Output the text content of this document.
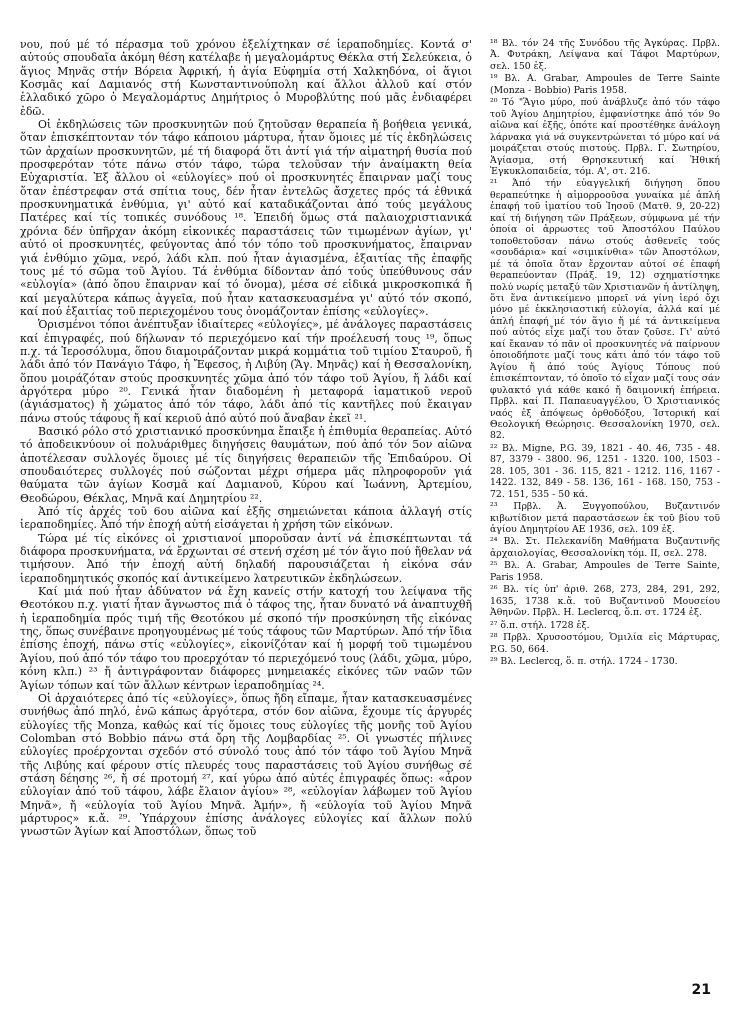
νου, πού μέ τό πέρασμα τοῦ χρόνου ἐξελίχτηκαν σέ ἱεραποδημίες. Κοντά σ' αὐτούς σπουδαῖα ἀκόμη θέση κατέλαβε ἡ μεγαλομάρτυς Θέκλα στή Σελεύκεια, ὁ ἅγιος Μηνᾶς στήν Βόρεια Ἀφρική, ἡ ἁγία Εὐφημία στή Χαλκηδόνα, οἱ ἅγιοι Κοσμᾶς καί Δαμιανός στή Κωνσταντινούπολη καί ἄλλοι ἀλλοῦ καί στόν ἑλλαδικό χῶρο ὁ Μεγαλομάρτυς Δημήτριος ὁ Μυροβλύτης πού μᾶς ἐνδιαφέρει ἐδῶ.

Οἱ ἐκδηλώσεις τῶν προσκυνητῶν πού ζητοῦσαν θεραπεία ἤ βοήθεια γενικά, ὅταν ἐπισκέπτονταν τόν τάφο κάποιου μάρτυρα, ἦταν ὅμοιες μέ τίς ἐκδηλώσεις τῶν ἀρχαίων προσκυνητῶν, μέ τή διαφορά ὅτι ἀντί γιά τήν αἱματηρή θυσία πού προσφερόταν τότε πάνω στόν τάφο, τώρα τελοῦσαν τήν ἀναίμακτη θεία Εὐχαριστία. Ἐξ ἄλλου οἱ «εὐλογίες» πού οἱ προσκυνητές ἔπαιρναν μαζί τους ὅταν ἐπέστρεφαν στά σπίτια τους, δέν ἦταν ἐντελῶς ἄσχετες πρός τά ἐθνικά προσκυνηματικά ἐνθύμια, γι' αὐτό καί καταδικάζονται ἀπό τούς μεγάλους Πατέρες καί τίς τοπικές συνόδους ¹⁸. Ἐπειδή ὅμως στά παλαιοχριστιανικά χρόνια δέν ὑπῆρχαν ἀκόμη εἰκονικές παραστάσεις τῶν τιμωμένων ἁγίων, γι' αὐτό οἱ προσκυνητές, φεύγοντας ἀπό τόν τόπο τοῦ προσκυνήματος, ἔπαιρναν γιά ἐνθύμιο χῶμα, νερό, λάδι κλπ. πού ἦταν ἁγιασμένα, ἐξαιτίας τῆς ἐπαφῆς τους μέ τό σῶμα τοῦ Ἁγίου. Τά ἐνθύμια δίδονταν ἀπό τούς ὑπεύθυνους σάν «εὐλογία» (ἀπό ὅπου ἔπαιρναν καί τό ὄνομα), μέσα σέ εἰδικά μικροσκοπικά ἤ καί μεγαλύτερα κάπως ἀγγεῖα, πού ἦταν κατασκευασμένα γι' αὐτό τόν σκοπό, καί πού ἐξαιτίας τοῦ περιεχομένου τους ὀνομάζονταν ἐπίσης «εὐλογίες».

Ὁρισμένοι τόποι ἀνέπτυξαν ἰδιαίτερες «εὐλογίες», μέ ἀνάλογες παραστάσεις καί ἐπιγραφές, πού δήλωναν τό περιεχόμενο καί τήν προέλευσή τους ¹⁹, ὅπως π.χ. τά Ἱεροσόλυμα, ὅπου διαμοιράζονταν μικρά κομμάτια τοῦ τιμίου Σταυροῦ, ἤ λάδι ἀπό τόν Πανάγιο Τάφο, ἡ Ἔφεσος, ἡ Λιβύη (Ἅγ. Μηνᾶς) καί ἡ Θεσσαλονίκη, ὅπου μοιράζόταν στούς προσκυνητές χῶμα ἀπό τόν τάφο τοῦ Ἁγίου, ἤ λάδι καί ἀργότερα μύρο ²⁰. Γενικά ἦταν διαδομένη ἡ μεταφορά ἰαματικοῦ νεροῦ (ἁγιάσματος) ἤ χώματος ἀπό τόν τάφο, λάδι ἀπό τίς καντῆλες πού ἔκαιγαν πάνω στούς τάφους ἤ καί κεριοῦ ἀπό αὐτό πού ἄναβαν ἐκεῖ ²¹.

Βασικό ρόλο στό χριστιανικό προσκύνημα ἔπαιξε ἡ ἐπιθυμία θεραπείας. Αὐτό τό ἀποδεικνύουν οἱ πολυάριθμες διηγήσεις θαυμάτων, πού ἀπό τόν 5ον αἰῶνα ἀποτέλεσαν συλλογές ὅμοιες μέ τίς διηγήσεις θεραπειῶν τῆς Ἐπιδαύρου. Οἱ σπουδαιότερες συλλογές πού σώζονται μέχρι σήμερα μᾶς πληροφοροῦν γιά θαύματα τῶν ἁγίων Κοσμᾶ καί Δαμιανοῦ, Κύρου καί Ἰωάννη, Ἀρτεμίου, Θεοδώρου, Θέκλας, Μηνᾶ καί Δημητρίου ²².

Ἀπό τίς ἀρχές τοῦ 6ου αἰῶνα καί ἐξῆς σημειώνεται κάποια ἀλλαγή στίς ἱεραποδημίες. Ἀπό τήν ἐποχή αὐτή εἰσάγεται ἡ χρήση τῶν εἰκόνων.

Τώρα μέ τίς εἰκόνες οἱ χριστιανοί μποροῦσαν ἀντί νά ἐπισκέπτωνται τά διάφορα προσκυνήματα, νά ἔρχωνται σέ στενή σχέση μέ τόν ἅγιο πού ἤθελαν νά τιμήσουν. Ἀπό τήν ἐποχή αὐτή δηλαδή παρουσιάζεται ἡ εἰκόνα σάν ἱεραποδημητικός σκοπός καί ἀντικείμενο λατρευτικῶν ἐκδηλώσεων.

Καί μιά πού ἦταν ἀδύνατον νά ἔχη κανείς στήν κατοχή του λείψανα τῆς Θεοτόκου π.χ. γιατί ἦταν ἄγνωστος πιά ὁ τάφος της, ἦταν δυνατό νά ἀναπτυχθῆ ἡ ἱεραποδημία πρός τιμή τῆς Θεοτόκου μέ σκοπό τήν προσκύνηση τῆς εἰκόνας της, ὅπως συνέβαινε προηγουμένως μέ τούς τάφους τῶν Μαρτύρων. Ἀπό τήν ἴδια ἐπίσης ἐποχή, πάνω στίς «εὐλογίες», εἰκονίζόταν καί ἡ μορφή τοῦ τιμωμένου Ἁγίου, πού ἀπό τόν τάφο του προερχόταν τό περιεχόμενό τους (λάδι, χῶμα, μύρο, κόνη κλπ.) ²³ ἤ ἀντιγράφονταν διάφορες μνημειακές εἰκόνες τῶν ναῶν τῶν Ἁγίων τόπων καί τῶν ἄλλων κέντρων ἱεραποδημίας ²⁴.

Οἱ ἀρχαιότερες ἀπό τίς «εὐλογίες», ὅπως ἤδη εἴπαμε, ἦταν κατασκευασμένες συνήθως ἀπό πηλό, ἐνῶ κάπως ἀργότερα, στόν 6ον αἰῶνα, ἔχουμε τίς ἀργυρές εὐλογίες τῆς Monza, καθώς καί τίς ὅμοιες τους εὐλογίες τῆς μονῆς τοῦ Ἁγίου Colomban στό Bobbio πάνω στά ὄρη τῆς Λομβαρδίας ²⁵. Οἱ γνωστές πήλινες εὐλογίες προέρχονται σχεδόν στό σύνολό τους ἀπό τόν τάφο τοῦ Ἁγίου Μηνᾶ τῆς Λιβύης καί φέρουν στίς πλευρές τους παραστάσεις τοῦ Ἁγίου συνήθως σέ στάση δέησης ²⁶, ἤ σέ προτομή ²⁷, καί γύρω ἀπό αὐτές ἐπιγραφές ὅπως: «ἆρον εὐλογίαν ἀπό τοῦ τάφου, λάβε ἔλαιον ἁγίου» ²⁸, «εὐλογίαν λάβωμεν τοῦ Ἁγίου Μηνᾶ», ἤ «εὐλογία τοῦ Ἁγίου Μηνᾶ. Ἀμήν», ἤ «εὐλογία τοῦ Ἁγίου Μηνᾶ μάρτυρος» κ.ἄ. ²⁹. Ὑπάρχουν ἐπίσης ἀνάλογες εὐλογίες καί ἄλλων πολύ γνωστῶν Ἁγίων καί Ἀποστόλων, ὅπως τοῦ

¹⁸ Βλ. τόν 24 τῆς Συνόδου τῆς Ἀγκύρας. Πρβλ. Ἀ. Φυτράκη, Λείψανα καί Τάφοι Μαρτύρων, σελ. 150 ἑξ.

¹⁹ Βλ. A. Grabar, Ampoules de Terre Sainte (Monza - Bobbio) Paris 1958.

²⁰ Τό "Ἅγιο μύρο, πού ἀνάβλυζε ἀπό τόν τάφο τοῦ Ἁγίου Δημητρίου, ἐμφανίστηκε ἀπό τόν 9ο αἰῶνα καί ἑξῆς, ὁπότε καί προστέθηκε ἀνάλογη λάρνακα γιά νά συγκεντρώνεται τό μύρο καί νά μοιράζεται στούς πιστούς. Πρβλ. Γ. Σωτηρίου, Ἁγίασμα, στή Θρησκευτική καί Ἠθική Ἐγκυκλοπαιδεία, τόμ. Α', στ. 216.

²¹ Ἀπό τήν εὐαγγελική διήγηση ὅπου θεραπεύτηκε ἡ αἱμορροοῦσα γυναίκα μέ ἁπλή ἐπαφή τοῦ ἱματίου τοῦ Ἰησοῦ (Ματθ. 9, 20-22) καί τή διήγηση τῶν Πράξεων, σύμφωνα μέ τήν ὁποία οἱ ἀρρωστες τοῦ Ἀποστόλου Παύλου τοποθετοῦσαν πάνω στούς ἀσθενεῖς τούς «σουδάρια» καί «σιμικίνθια» τῶν Ἀποστόλων, μέ τά ὁποῖα ὅταν ἔρχονταν αὐτοί σέ ἐπαφή θεραπεύονταν (Πράξ. 19, 12) σχηματίστηκε πολύ νωρίς μεταξύ τῶν Χριστιανῶν ἡ ἀντίληψη, ὅτι ἕνα ἀντικείμενο μπορεῖ νά γίνη ἱερό ὄχι μόνο μέ ἐκκλησιαστική εὐλογία, ἀλλά καί μέ ἁπλή ἐπαφή μέ τόν ἅγιο ἤ μέ τά ἀντικείμενα πού αὐτός εἶχε μαζί του ὅταν ζοῦσε. Γι' αὐτό καί ἔκαναν τό πᾶν οἱ προσκυνητές νά παίρνουν ὁποιοδήποτε μαζί τους κάτι ἀπό τόν τάφο τοῦ Ἁγίου ἤ ἀπό τούς Ἁγίους Τόπους πού ἐπισκέπτονταν, τό ὁποῖο τό εἶχαν μαζί τους σάν φυλακτό γιά κάθε κακό ἤ δαιμονική ἐπήρεια. Πρβλ. καί Π. Παπαευαγγέλου, Ὁ Χριστιανικός ναός ἐξ ἀπόψεως ὀρθοδόξου, Ἱστορική καί Θεολογική Θεώρησις. Θεσσαλονίκη 1970, σελ. 82.

²² Βλ. Migne, P.G. 39, 1821 - 40. 46, 735 - 48. 87, 3379 - 3800. 96, 1251 - 1320. 100, 1503 - 28. 105, 301 - 36. 115, 821 - 1212. 116, 1167 - 1422. 132, 849 - 58. 136, 161 - 168. 150, 753 - 72. 151, 535 - 50 κά.

²³ Πρβλ. Ἀ. Ξυγγοπούλου, Βυζαντινόν κιβωτίδιον μετά παραστάσεων ἐκ τοῦ βίου τοῦ ἁγίου Δημητρίου ΑΕ 1936, σελ. 109 ἑξ.

²⁴ Βλ. Στ. Πελεκανίδη Μαθήματα Βυζαντινῆς ἀρχαιολογίας, Θεσσαλονίκη τόμ. ΙΙ, σελ. 278.

²⁵ Βλ. A. Grabar, Ampoules de Terre Sainte, Paris 1958.

²⁶ Βλ. τίς ὑπ' ἀριθ. 268, 273, 284, 291, 292, 1635, 1738 κ.ἄ. τοῦ Βυζαντινοῦ Μουσείου Ἀθηνῶν. Πρβλ. Η. Leclercq, ὅ.π. στ. 1724 ἑξ.

²⁷ ὅ.π. στήλ. 1728 ἑξ.

²⁸ Πρβλ. Χρυσοστόμου, Ὁμιλία εἰς Μάρτυρας, P.G. 50, 664.

²⁹ Βλ. Leclercq, ὅ. π. στήλ. 1724 - 1730.

21
